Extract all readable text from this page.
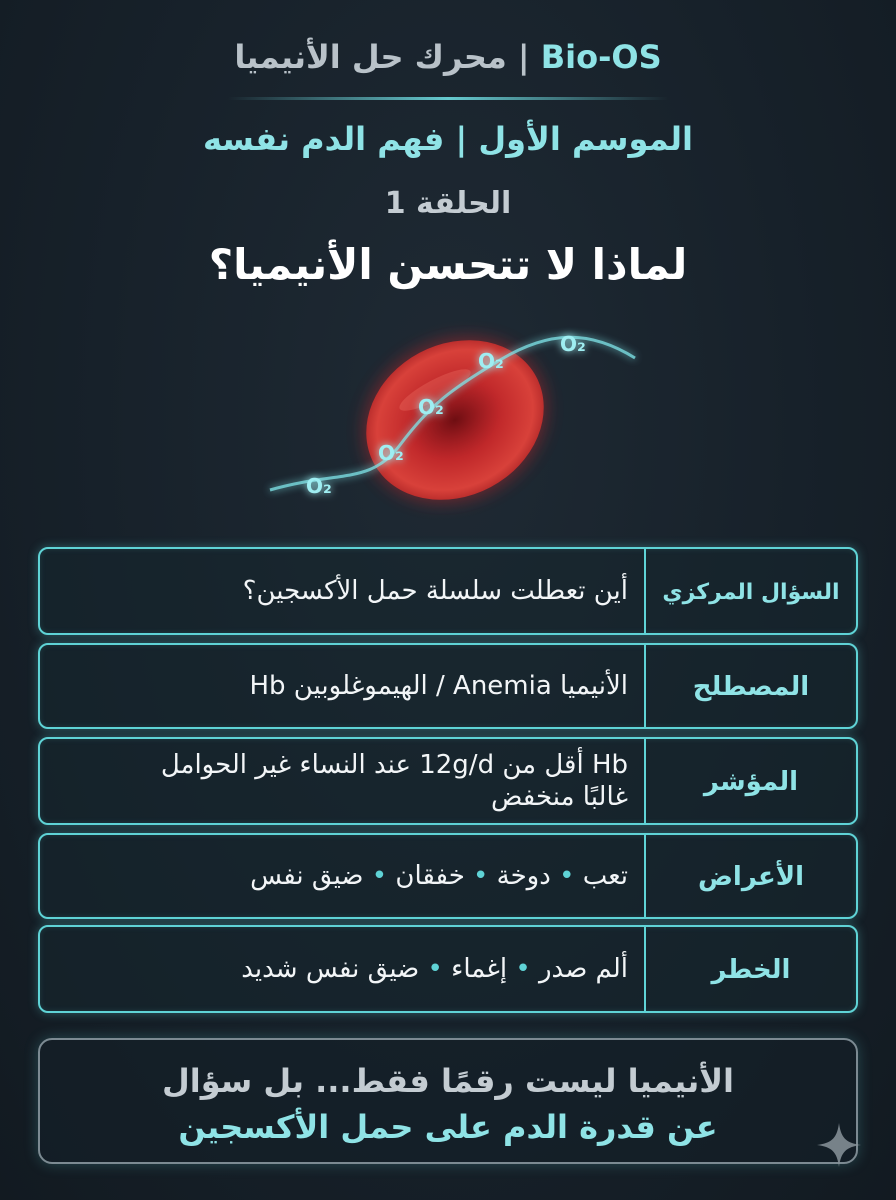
Bio-OS | محرك حل الأنيميا
الموسم الأول | فهم الدم نفسه
الحلقة 1
لماذا لا تتحسن الأنيميا؟
O₂
O₂
O₂
O₂
O₂
السؤال المركزي
أين تعطلت سلسلة حمل الأكسجين؟
المصطلح
الأنيميا Anemia / الهيموغلوبين Hb
المؤشر
Hb أقل من 12g/d عند النساء غير الحوامل
غالبًا منخفض
الأعراض
تعب • دوخة • خفقان • ضيق نفس
الخطر
ألم صدر • إغماء • ضيق نفس شديد
الأنيميا ليست رقمًا فقط... بل سؤال
عن قدرة الدم على حمل الأكسجين
